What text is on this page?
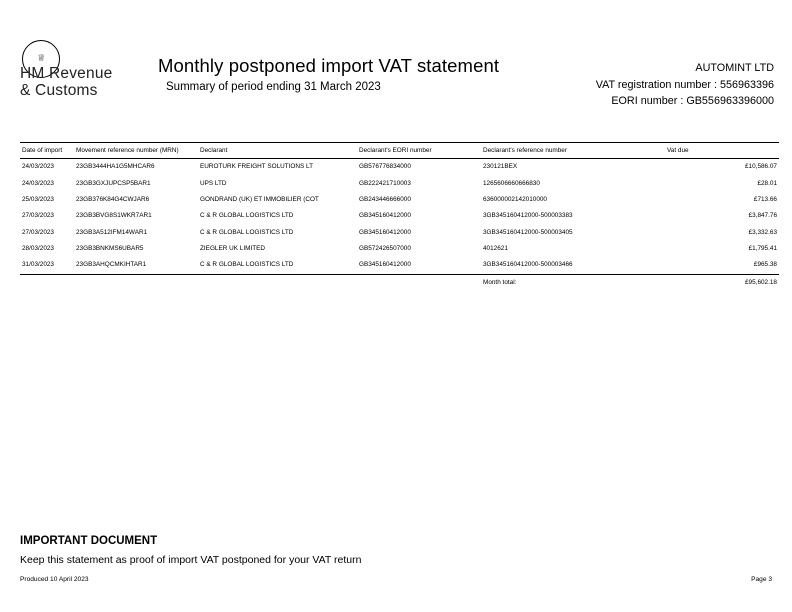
♕
HM Revenue
& Customs
Monthly postponed import VAT statement
Summary of period ending 31 March 2023
AUTOMINT LTD
VAT registration number : 556963396
EORI number : GB556963396000
Date of import	Movement reference number (MRN)	Declarant	Declarant's EORI number	Declarant's reference number	Vat due
24/03/2023	23GB3444HA1G5MHCAR6	EUROTURK FREIGHT SOLUTIONS LT	GB576776834000	230121BEX	£10,586.07
24/03/2023	23GB3GXJUPCSP5BAR1	UPS LTD	GB222421710003	1265606660666830	£28.01
25/03/2023	23GB376K84G4CWJAR6	GONDRAND (UK) ET IMMOBILIER (COT	GB243446666000	636000002142010000	£713.66
27/03/2023	23GB3BVG8S1WKR7AR1	C & R GLOBAL LOGISTICS LTD	GB345160412000	3GB345160412000-500003383	£3,847.76
27/03/2023	23GB3A512IFM14WAR1	C & R GLOBAL LOGISTICS LTD	GB345160412000	3GB345160412000-500003405	£3,332.63
28/03/2023	23GB3BNKMS6UBAR5	ZIEGLER UK LIMITED	GB572426507000	4012621	£1,795.41
31/03/2023	23GB3AHQCMKIHTAR1	C & R GLOBAL LOGISTICS LTD	GB345160412000	3GB345160412000-500003466	£965.38
				Month total:	£95,602.18
IMPORTANT DOCUMENT
Keep this statement as proof of import VAT postponed for your VAT return
Produced 10 April 2023	Page 3
